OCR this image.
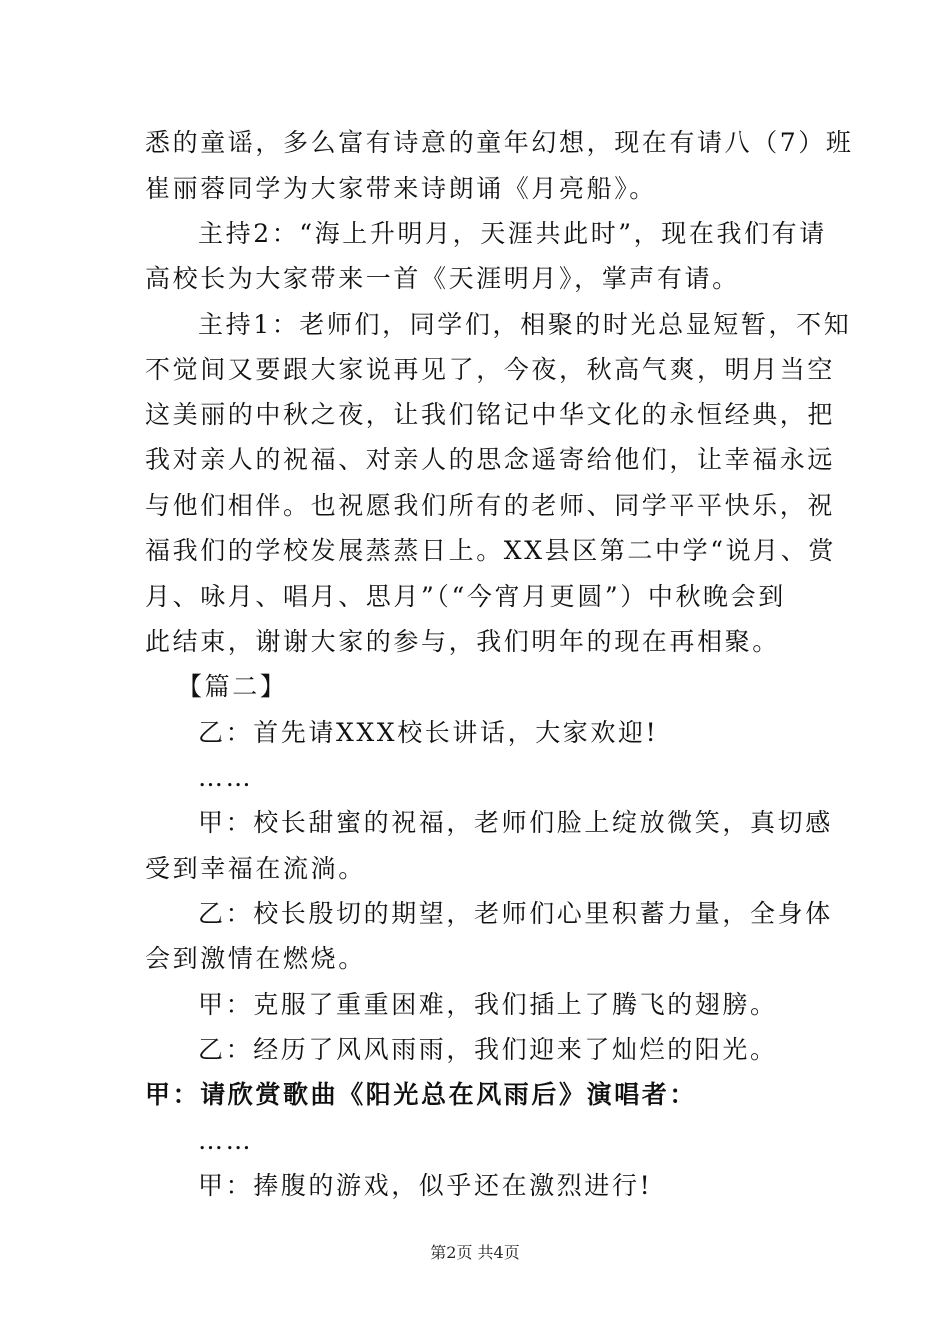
悉的童谣，多么富有诗意的童年幻想，现在有请八（7）班
崔丽蓉同学为大家带来诗朗诵《月亮船》。
主持2：“海上升明月，天涯共此时”，现在我们有请
高校长为大家带来一首《天涯明月》，掌声有请。
主持1：老师们，同学们，相聚的时光总显短暂，不知
不觉间又要跟大家说再见了，今夜，秋高气爽，明月当空
这美丽的中秋之夜，让我们铭记中华文化的永恒经典，把
我对亲人的祝福、对亲人的思念遥寄给他们，让幸福永远
与他们相伴。也祝愿我们所有的老师、同学平平快乐，祝
福我们的学校发展蒸蒸日上。XX县区第二中学“说月、赏
月、咏月、唱月、思月”（“今宵月更圆”）中秋晚会到
此结束，谢谢大家的参与，我们明年的现在再相聚。
【篇二】
乙：首先请XXX校长讲话，大家欢迎!
……
甲：校长甜蜜的祝福，老师们脸上绽放微笑，真切感
受到幸福在流淌。
乙：校长殷切的期望，老师们心里积蓄力量，全身体
会到激情在燃烧。
甲：克服了重重困难，我们插上了腾飞的翅膀。
乙：经历了风风雨雨，我们迎来了灿烂的阳光。
甲：请欣赏歌曲《阳光总在风雨后》演唱者：
……
甲：捧腹的游戏，似乎还在激烈进行!
第2页 共4页
